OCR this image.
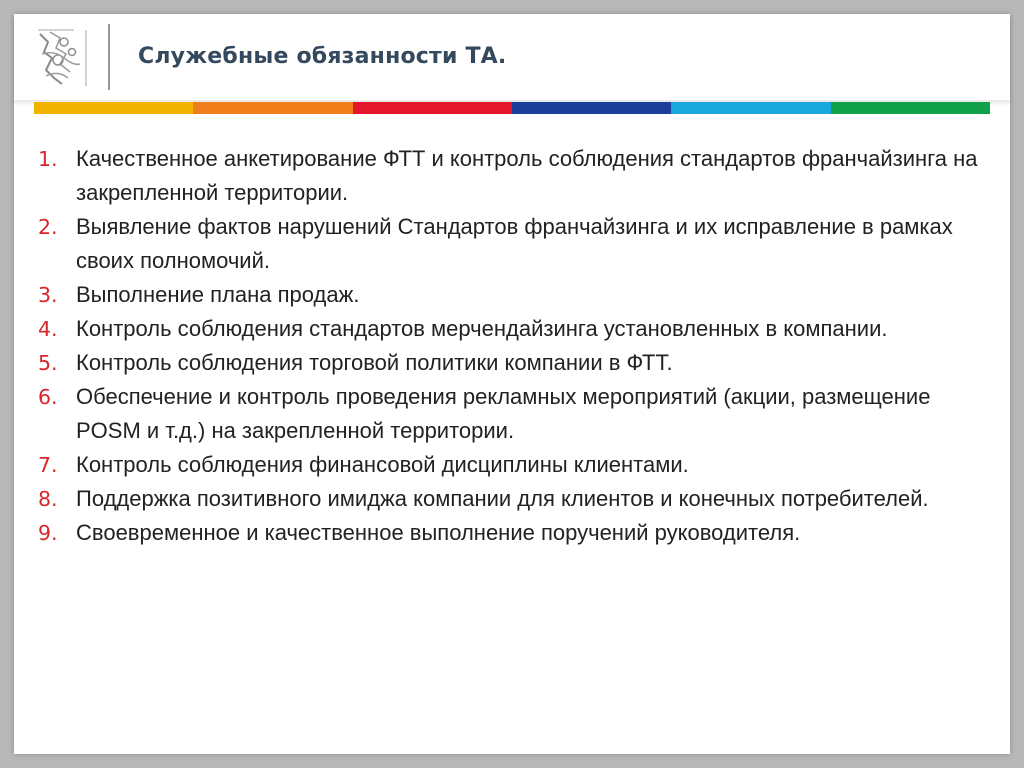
Служебные обязанности ТА.
1. Качественное анкетирование ФТТ и контроль соблюдения стандартов франчайзинга на закрепленной территории.
2. Выявление фактов нарушений Стандартов франчайзинга и их исправление в рамках своих полномочий.
3. Выполнение плана продаж.
4. Контроль соблюдения стандартов мерчендайзинга установленных в компании.
5. Контроль соблюдения торговой политики компании в ФТТ.
6. Обеспечение и контроль проведения рекламных мероприятий (акции, размещение POSM и т.д.) на закрепленной территории.
7. Контроль соблюдения финансовой дисциплины клиентами.
8. Поддержка позитивного имиджа компании для клиентов и конечных потребителей.
9. Своевременное и качественное выполнение поручений руководителя.
